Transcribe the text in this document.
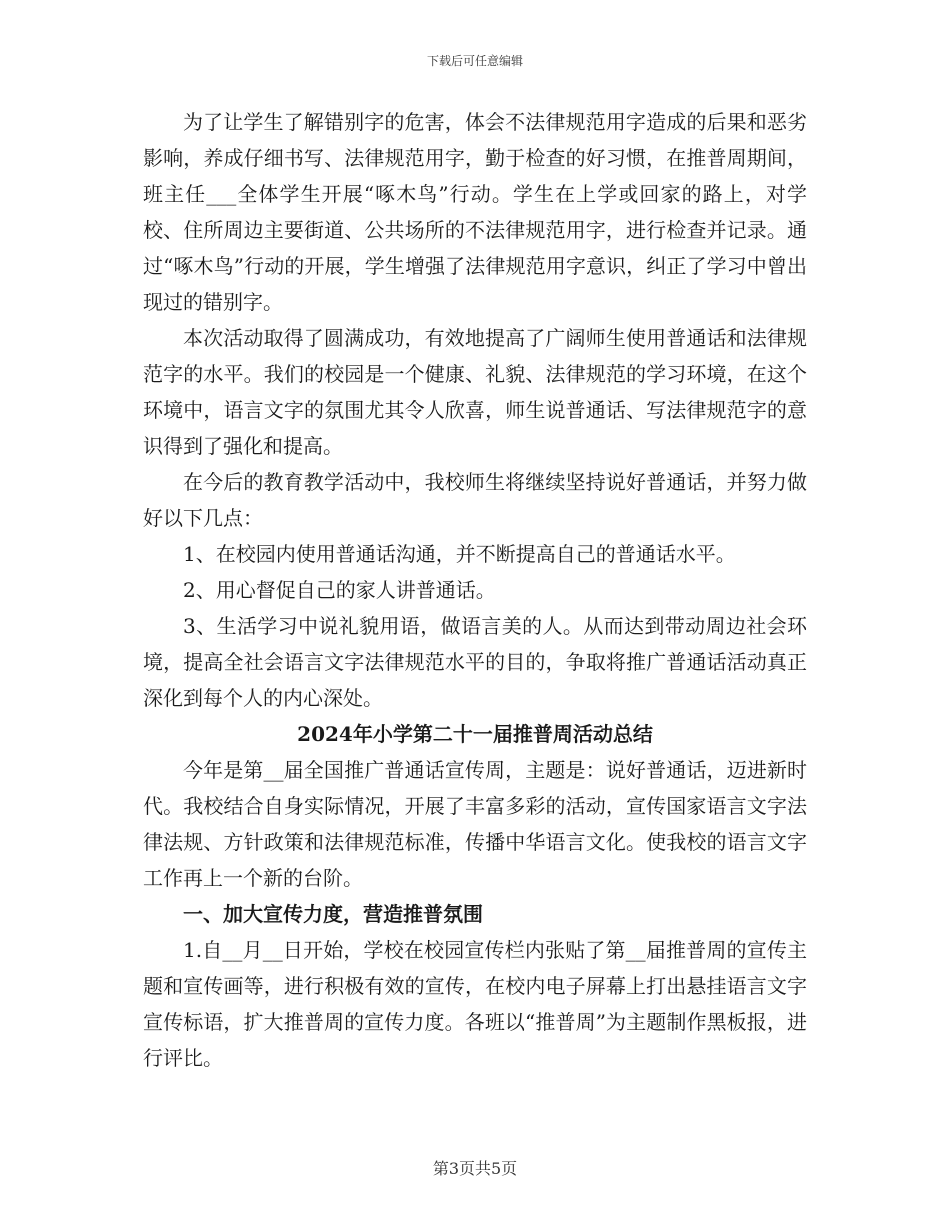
下载后可任意编辑

为了让学生了解错别字的危害，体会不法律规范用字造成的后果和恶劣影响，养成仔细书写、法律规范用字，勤于检查的好习惯，在推普周期间，班主任___全体学生开展“啄木鸟”行动。学生在上学或回家的路上，对学校、住所周边主要街道、公共场所的不法律规范用字，进行检查并记录。通过“啄木鸟”行动的开展，学生增强了法律规范用字意识，纠正了学习中曾出现过的错别字。

本次活动取得了圆满成功，有效地提高了广阔师生使用普通话和法律规范字的水平。我们的校园是一个健康、礼貌、法律规范的学习环境，在这个环境中，语言文字的氛围尤其令人欣喜，师生说普通话、写法律规范字的意识得到了强化和提高。

在今后的教育教学活动中，我校师生将继续坚持说好普通话，并努力做好以下几点：

1、在校园内使用普通话沟通，并不断提高自己的普通话水平。

2、用心督促自己的家人讲普通话。

3、生活学习中说礼貌用语，做语言美的人。从而达到带动周边社会环境，提高全社会语言文字法律规范水平的目的，争取将推广普通话活动真正深化到每个人的内心深处。

2024年小学第二十一届推普周活动总结

今年是第__届全国推广普通话宣传周，主题是：说好普通话，迈进新时代。我校结合自身实际情况，开展了丰富多彩的活动，宣传国家语言文字法律法规、方针政策和法律规范标准，传播中华语言文化。使我校的语言文字工作再上一个新的台阶。

一、加大宣传力度，营造推普氛围

1.自__月__日开始，学校在校园宣传栏内张贴了第__届推普周的宣传主题和宣传画等，进行积极有效的宣传，在校内电子屏幕上打出悬挂语言文字宣传标语，扩大推普周的宣传力度。各班以“推普周”为主题制作黑板报，进行评比。

第3页共5页
